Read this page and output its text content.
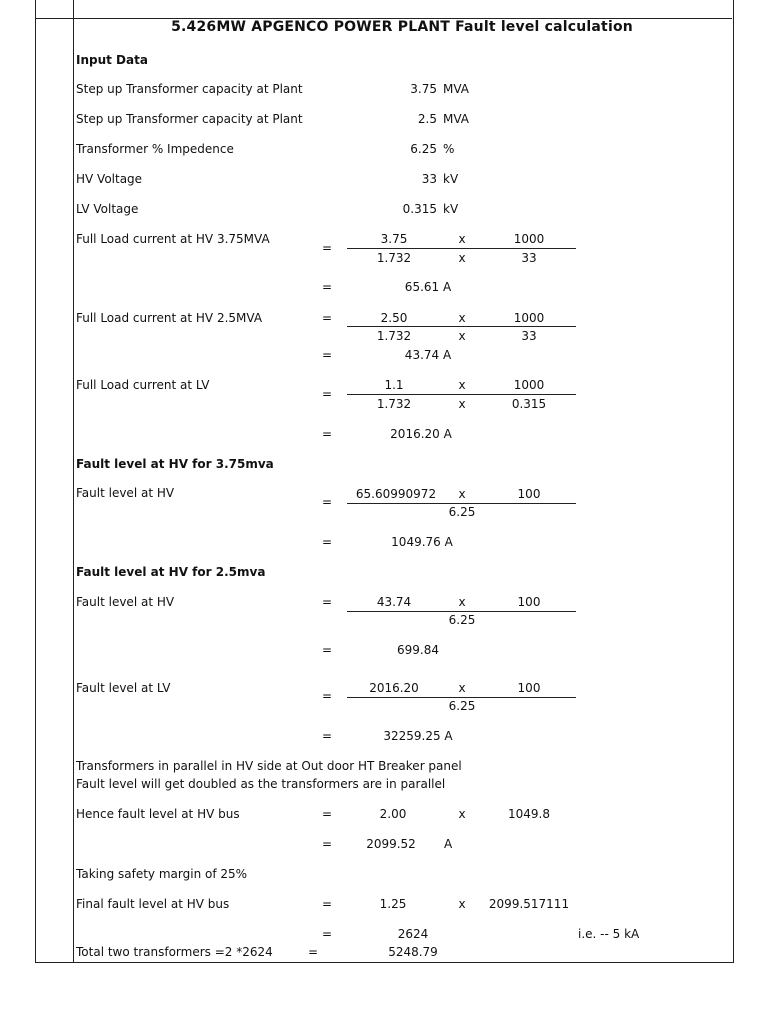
5.426MW APGENCO POWER PLANT Fault level calculation
Input Data
Step up Transformer capacity at Plant	3.75 MVA
Step up Transformer capacity at Plant	2.5 MVA
Transformer % Impedence	6.25 %
HV Voltage	33 kV
LV Voltage	0.315 kV
Full Load current at HV 3.75MVA
=
3.75	x	1000
1.732	x	33
=	65.61 A
Full Load current at HV 2.5MVA	=	2.50	x	1000
1.732	x	33
=	43.74 A
Full Load current at LV
=
1.1	x	1000
1.732	x	0.315
=	2016.20 A
Fault level at HV for 3.75mva
Fault level at HV
=
65.60990972 x	100
6.25
=	1049.76 A
Fault level at HV for 2.5mva
Fault level at HV	=	43.74	x	100
6.25
=	699.84
Fault level at LV
=
2016.20	x	100
6.25
=	32259.25 A
Transformers in parallel in HV side at Out door HT Breaker panel
Fault level will get doubled as the transformers are in parallel
Hence fault level at HV bus	=	2.00	x	1049.8
=	2099.52 A
Taking safety margin of 25%
Final fault level at HV bus	=	1.25	x 2099.517111
=	2624	i.e. -- 5 kA
Total two transformers =2 *2624	=	5248.79
